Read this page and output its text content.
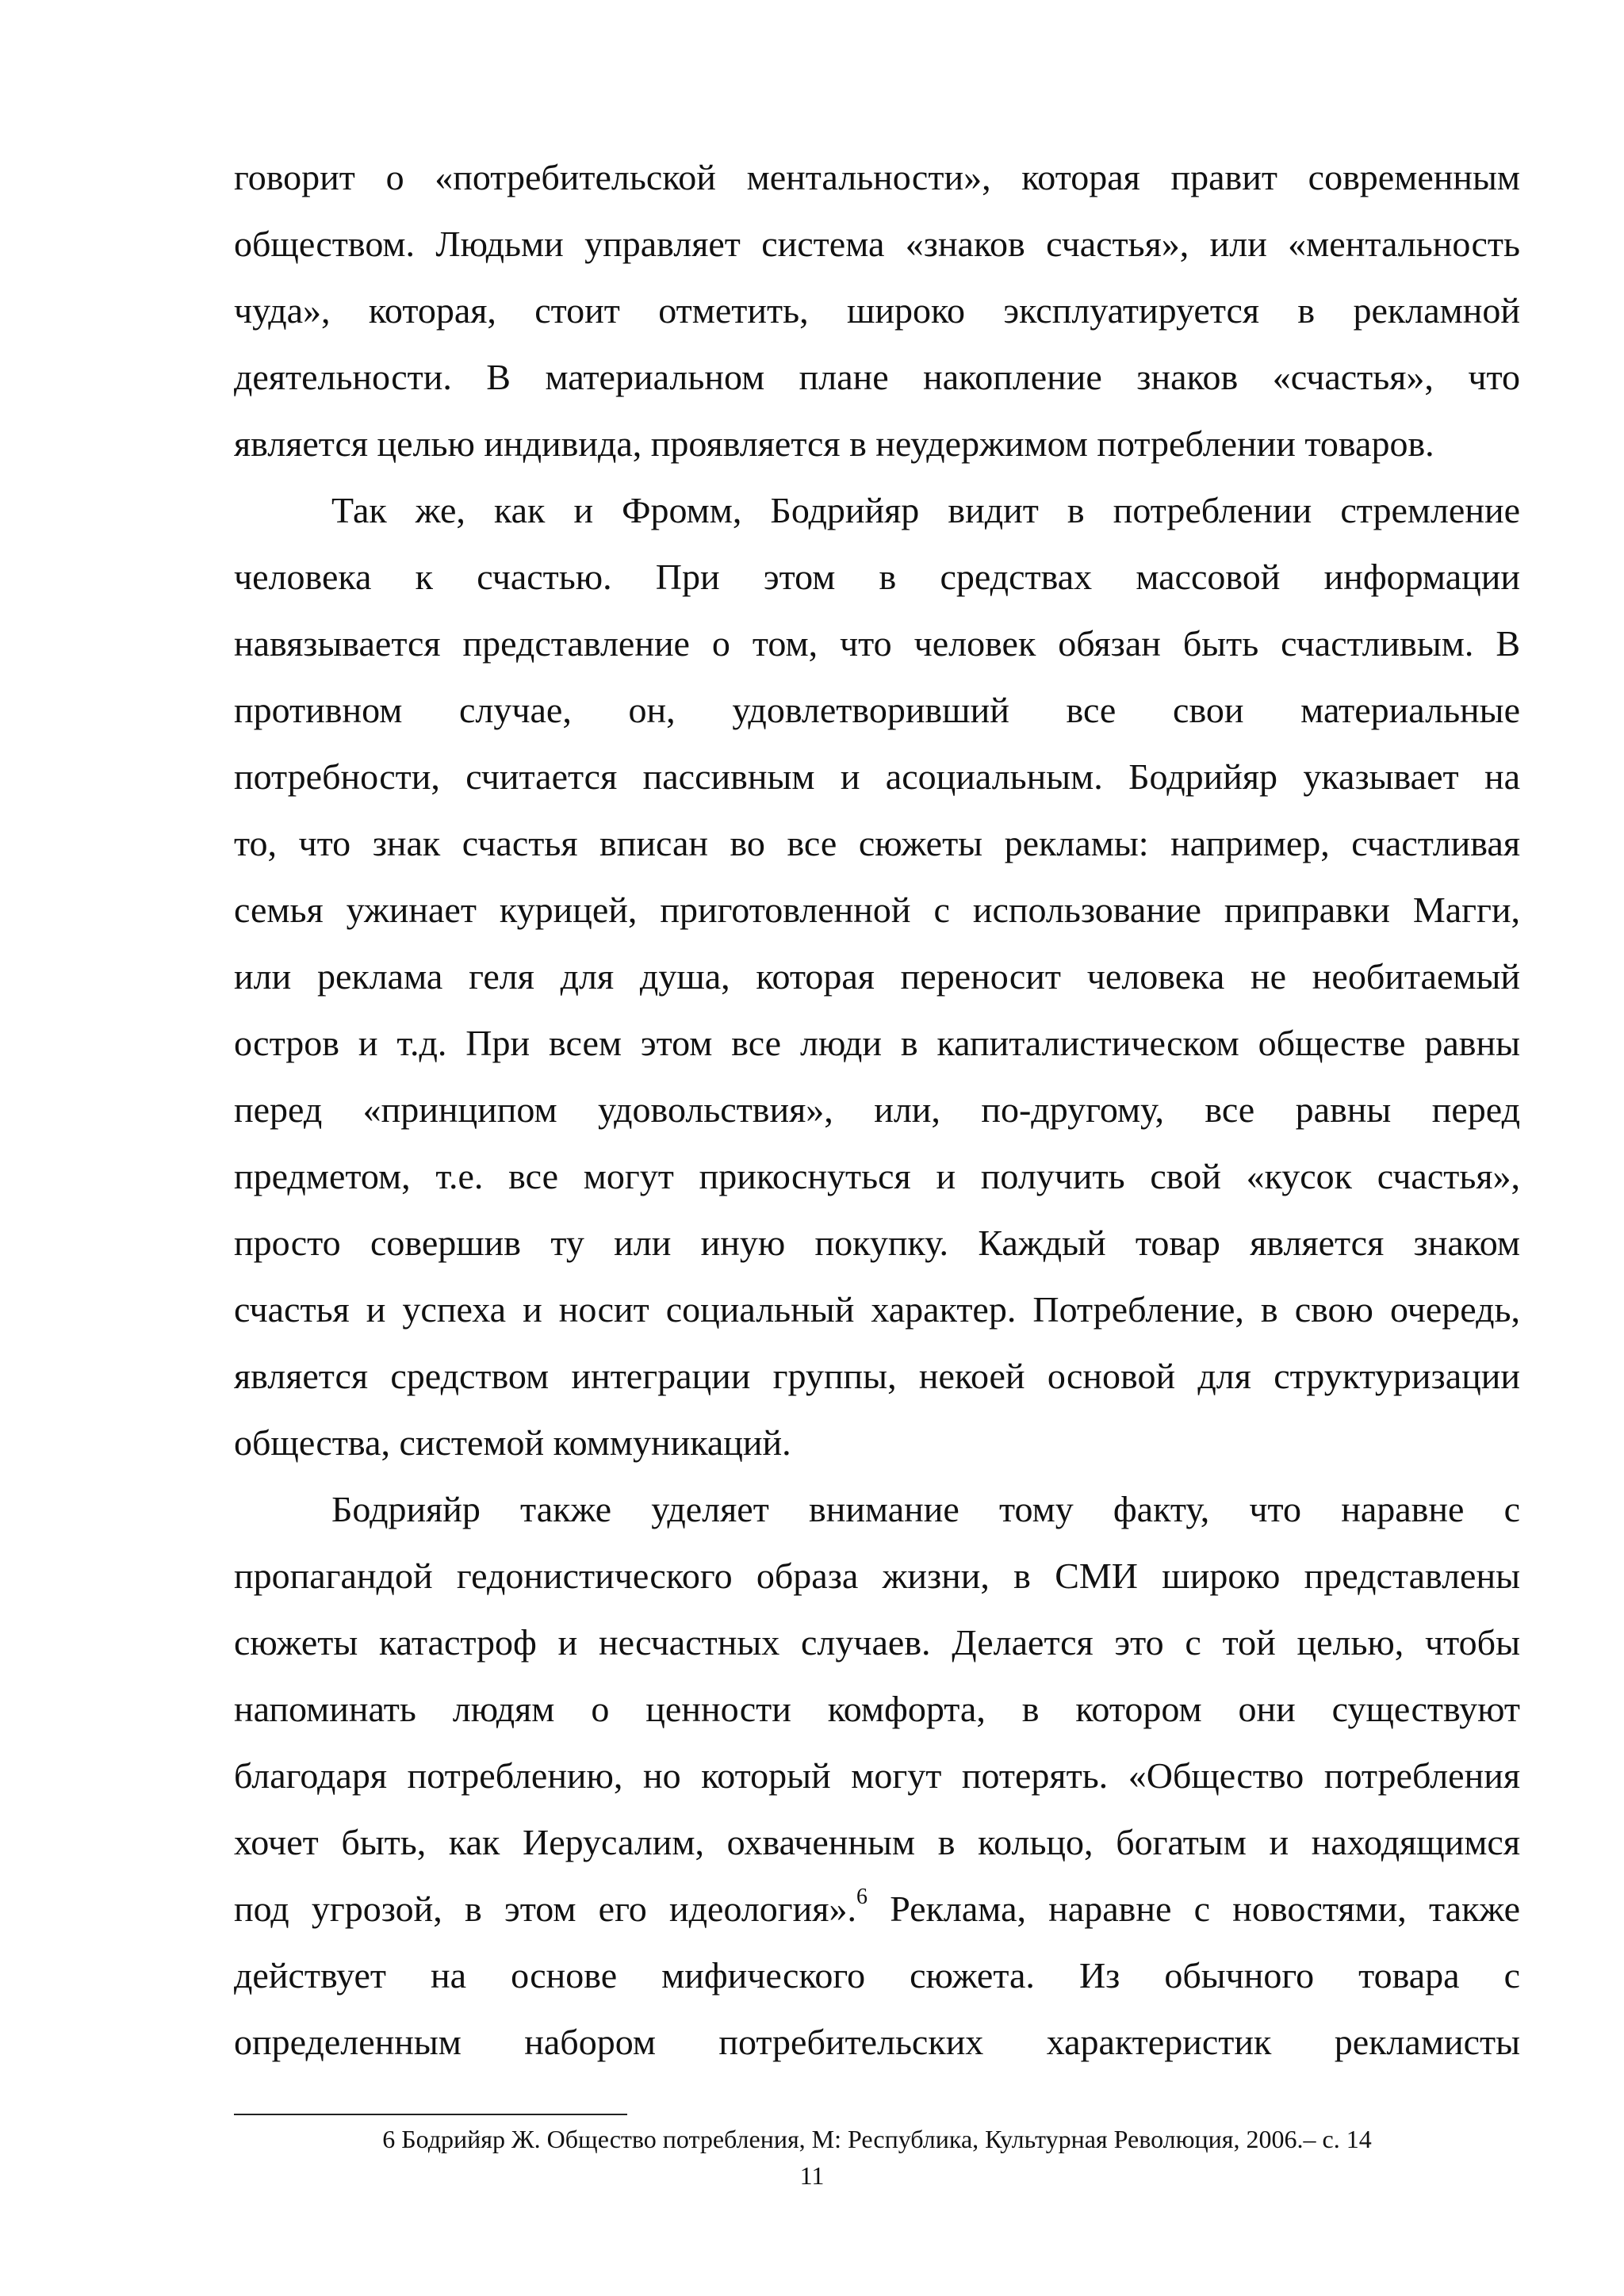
говорит о «потребительской ментальности», которая правит современным
обществом. Людьми управляет система «знаков счастья», или «ментальность
чуда», которая, стоит отметить, широко эксплуатируется в рекламной
деятельности. В материальном плане накопление знаков «счастья», что
является целью индивида, проявляется в неудержимом потреблении товаров.
Так же, как и Фромм, Бодрийяр видит в потреблении стремление
человека к счастью. При этом в средствах массовой информации
навязывается представление о том, что человек обязан быть счастливым. В
противном случае, он, удовлетворивший все свои материальные
потребности, считается пассивным и асоциальным. Бодрийяр указывает на
то, что знак счастья вписан во все сюжеты рекламы: например, счастливая
семья ужинает курицей, приготовленной с использование приправки Магги,
или реклама геля для душа, которая переносит человека не необитаемый
остров и т.д. При всем этом все люди в капиталистическом обществе равны
перед «принципом удовольствия», или, по-другому, все равны перед
предметом, т.е. все могут прикоснуться и получить свой «кусок счастья»,
просто совершив ту или иную покупку. Каждый товар является знаком
счастья и успеха и носит социальный характер. Потребление, в свою очередь,
является средством интеграции группы, некоей основой для структуризации
общества, системой коммуникаций.
Бодрияйр также уделяет внимание тому факту, что наравне с
пропагандой гедонистического образа жизни, в СМИ широко представлены
сюжеты катастроф и несчастных случаев. Делается это с той целью, чтобы
напоминать людям о ценности комфорта, в котором они существуют
благодаря потреблению, но который могут потерять. «Общество потребления
хочет быть, как Иерусалим, охваченным в кольцо, богатым и находящимся
под угрозой, в этом его идеология».$^6$ Реклама, наравне с новостями, также
действует на основе мифического сюжета. Из обычного товара с
определенным набором потребительских характеристик рекламисты
6 Бодрийяр Ж. Общество потребления, М: Республика, Культурная Революция, 2006.– с. 14
11
